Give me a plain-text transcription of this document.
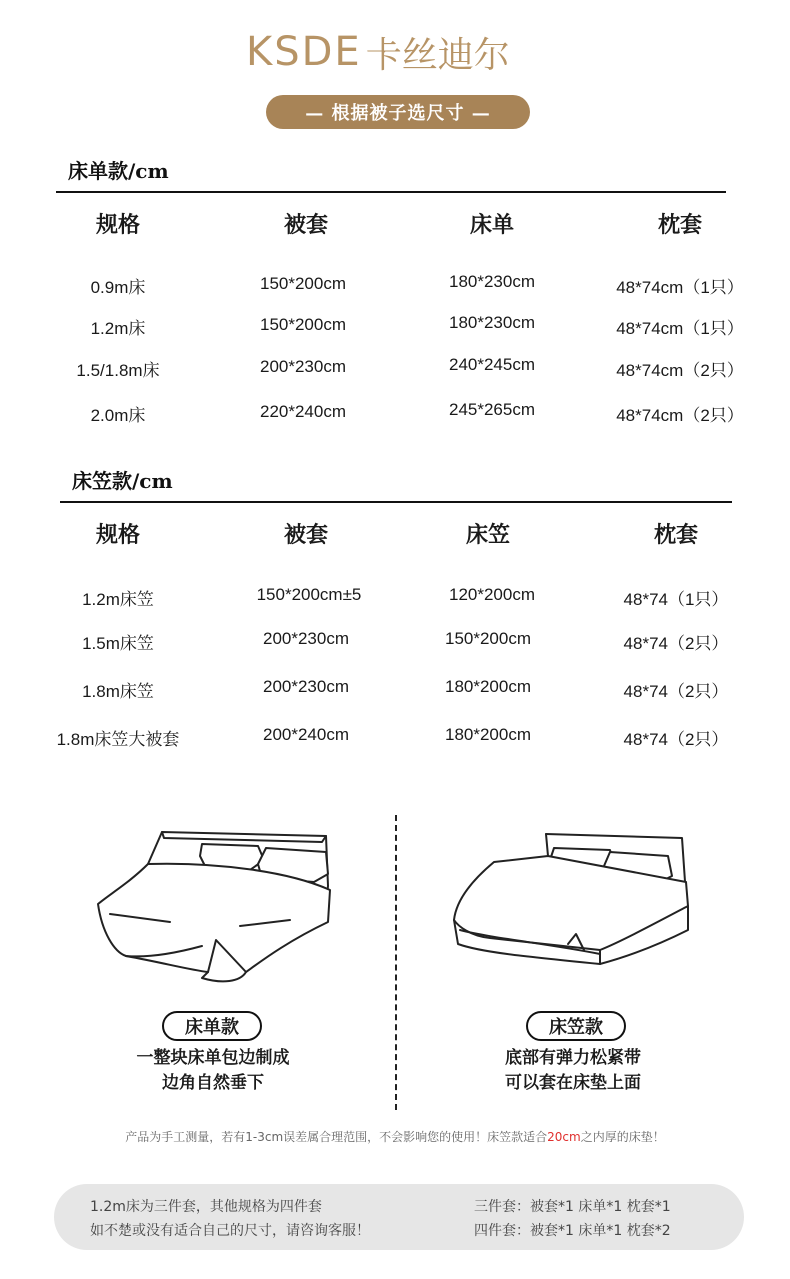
KSDE 卡丝迪尔
— 根据被子选尺寸 —
床单款/cm
规格	被套	床单	枕套
0.9m床	150*200cm	180*230cm	48*74cm（1只）
1.2m床	150*200cm	180*230cm	48*74cm（1只）
1.5/1.8m床	200*230cm	240*245cm	48*74cm（2只）
2.0m床	220*240cm	245*265cm	48*74cm（2只）
床笠款/cm
规格	被套	床笠	枕套
1.2m床笠	150*200cm±5	120*200cm	48*74（1只）
1.5m床笠	200*230cm	150*200cm	48*74（2只）
1.8m床笠	200*230cm	180*200cm	48*74（2只）
1.8m床笠大被套	200*240cm	180*200cm	48*74（2只）
床单款
一整块床单包边制成
边角自然垂下
床笠款
底部有弹力松紧带
可以套在床垫上面
产品为手工测量，若有1-3cm误差属合理范围，不会影响您的使用！床笠款适合20cm之内厚的床垫！
1.2m床为三件套，其他规格为四件套
如不楚或没有适合自己的尺寸，请咨询客服！
三件套：被套*1 床单*1 枕套*1
四件套：被套*1 床单*1 枕套*2
